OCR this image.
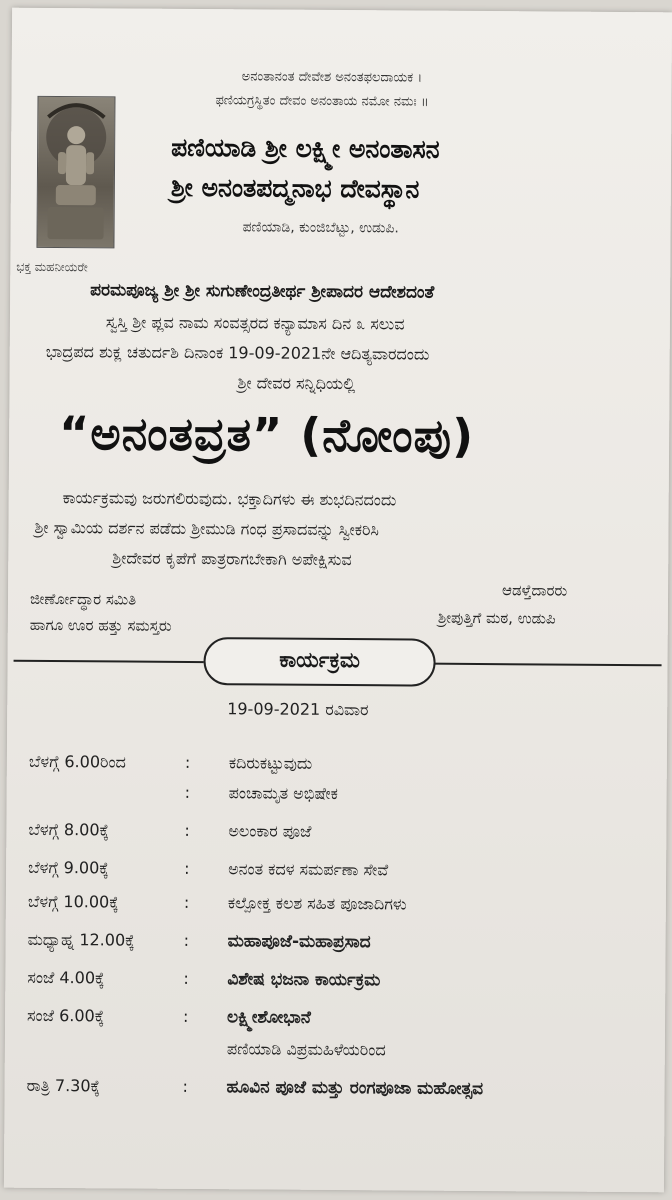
ಅನಂತಾನಂತ ದೇವೇಶ ಅನಂತಫಲದಾಯಕ ।
ಫಣಿಯಗ್ರಸ್ಥಿತಂ ದೇವಂ ಅನಂತಾಯ ನಮೋ ನಮಃ ॥
ಪಣಿಯಾಡಿ ಶ್ರೀ ಲಕ್ಷ್ಮೀ ಅನಂತಾಸನ
ಶ್ರೀ ಅನಂತಪದ್ಮನಾಭ ದೇವಸ್ಥಾನ
ಪಣಿಯಾಡಿ, ಕುಂಜಿಬೆಟ್ಟು, ಉಡುಪಿ.
ಭಕ್ತ ಮಹನೀಯರೇ
ಪರಮಪೂಜ್ಯ ಶ್ರೀ ಶ್ರೀ ಸುಗುಣೇಂದ್ರತೀರ್ಥ ಶ್ರೀಪಾದರ ಆದೇಶದಂತೆ
ಸ್ವಸ್ತಿ ಶ್ರೀ ಪ್ಲವ ನಾಮ ಸಂವತ್ಸರದ ಕನ್ಯಾಮಾಸ ದಿನ ೩ ಸಲುವ
ಭಾದ್ರಪದ ಶುಕ್ಲ ಚತುರ್ದಶಿ ದಿನಾಂಕ 19-09-2021ನೇ ಆದಿತ್ಯವಾರದಂದು
ಶ್ರೀ ದೇವರ ಸನ್ನಿಧಿಯಲ್ಲಿ
“ಅನಂತವ್ರತ” (ನೋಂಪು)
ಕಾರ್ಯಕ್ರಮವು ಜರುಗಲಿರುವುದು. ಭಕ್ತಾದಿಗಳು ಈ ಶುಭದಿನದಂದು
ಶ್ರೀ ಸ್ವಾಮಿಯ ದರ್ಶನ ಪಡೆದು ಶ್ರೀಮುಡಿ ಗಂಧ ಪ್ರಸಾದವನ್ನು ಸ್ವೀಕರಿಸಿ
ಶ್ರೀದೇವರ ಕೃಪೆಗೆ ಪಾತ್ರರಾಗಬೇಕಾಗಿ ಅಪೇಕ್ಷಿಸುವ
ಜೀರ್ಣೋದ್ಧಾರ ಸಮಿತಿ
ಹಾಗೂ ಊರ ಹತ್ತು ಸಮಸ್ತರು
ಆಡಳ್ತೆದಾರರು
ಶ್ರೀಪುತ್ತಿಗೆ ಮಠ, ಉಡುಪಿ
ಕಾರ್ಯಕ್ರಮ
19-09-2021 ರವಿವಾರ
ಬೆಳಗ್ಗೆ 6.00ರಿಂದ	: ಕದಿರುಕಟ್ಟುವುದು
: ಪಂಚಾಮೃತ ಅಭಿಷೇಕ
ಬೆಳಗ್ಗೆ 8.00ಕ್ಕೆ	: ಅಲಂಕಾರ ಪೂಜೆ
ಬೆಳಗ್ಗೆ 9.00ಕ್ಕೆ	: ಅನಂತ ಕದಳ ಸಮರ್ಪಣಾ ಸೇವೆ
ಬೆಳಗ್ಗೆ 10.00ಕ್ಕೆ	: ಕಲ್ಪೋಕ್ತ ಕಲಶ ಸಹಿತ ಪೂಜಾದಿಗಳು
ಮಧ್ಯಾಹ್ನ 12.00ಕ್ಕೆ	: ಮಹಾಪೂಜೆ-ಮಹಾಪ್ರಸಾದ
ಸಂಜೆ 4.00ಕ್ಕೆ	: ವಿಶೇಷ ಭಜನಾ ಕಾರ್ಯಕ್ರಮ
ಸಂಜೆ 6.00ಕ್ಕೆ	: ಲಕ್ಷ್ಮೀಶೋಭಾನೆ
ಪಣಿಯಾಡಿ ವಿಪ್ರಮಹಿಳೆಯರಿಂದ
ರಾತ್ರಿ 7.30ಕ್ಕೆ	: ಹೂವಿನ ಪೂಜೆ ಮತ್ತು ರಂಗಪೂಜಾ ಮಹೋತ್ಸವ
